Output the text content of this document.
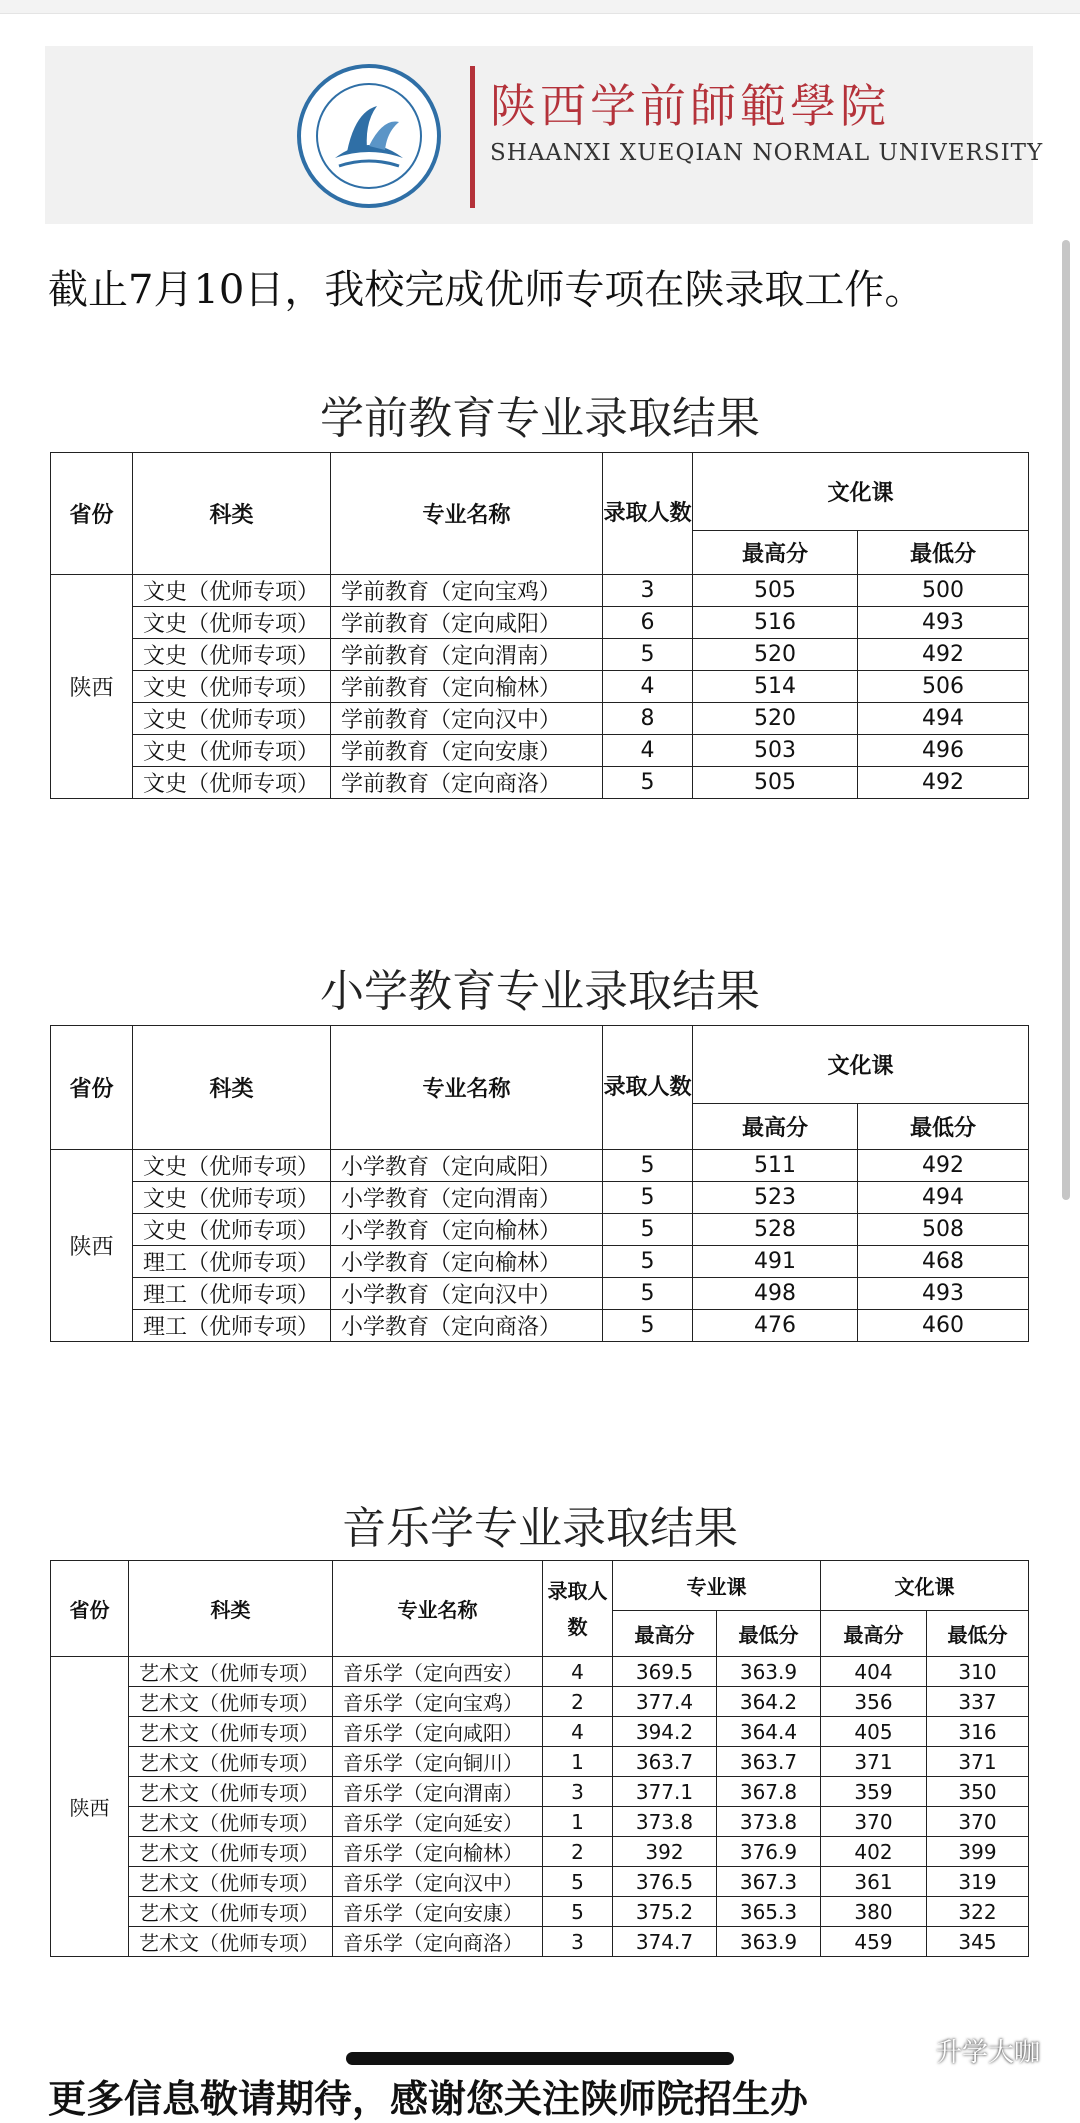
陕西学前師範學院
SHAANXI XUEQIAN NORMAL UNIVERSITY
截止7月10日，我校完成优师专项在陕录取工作。
学前教育专业录取结果
省份	科类	专业名称	录取人数	文化课	
				最高分	最低分
陕西	文史（优师专项）	学前教育（定向宝鸡）	3	505	500
	文史（优师专项）	学前教育（定向咸阳）	6	516	493
	文史（优师专项）	学前教育（定向渭南）	5	520	492
	文史（优师专项）	学前教育（定向榆林）	4	514	506
	文史（优师专项）	学前教育（定向汉中）	8	520	494
	文史（优师专项）	学前教育（定向安康）	4	503	496
	文史（优师专项）	学前教育（定向商洛）	5	505	492
小学教育专业录取结果
省份	科类	专业名称	录取人数	文化课	
				最高分	最低分
陕西	文史（优师专项）	小学教育（定向咸阳）	5	511	492
	文史（优师专项）	小学教育（定向渭南）	5	523	494
	文史（优师专项）	小学教育（定向榆林）	5	528	508
	理工（优师专项）	小学教育（定向榆林）	5	491	468
	理工（优师专项）	小学教育（定向汉中）	5	498	493
	理工（优师专项）	小学教育（定向商洛）	5	476	460
音乐学专业录取结果
省份	科类	专业名称	录取人数	专业课		文化课	
				最高分	最低分	最高分	最低分
陕西	艺术文（优师专项）	音乐学（定向西安）	4	369.5	363.9	404	310
	艺术文（优师专项）	音乐学（定向宝鸡）	2	377.4	364.2	356	337
	艺术文（优师专项）	音乐学（定向咸阳）	4	394.2	364.4	405	316
	艺术文（优师专项）	音乐学（定向铜川）	1	363.7	363.7	371	371
	艺术文（优师专项）	音乐学（定向渭南）	3	377.1	367.8	359	350
	艺术文（优师专项）	音乐学（定向延安）	1	373.8	373.8	370	370
	艺术文（优师专项）	音乐学（定向榆林）	2	392	376.9	402	399
	艺术文（优师专项）	音乐学（定向汉中）	5	376.5	367.3	361	319
	艺术文（优师专项）	音乐学（定向安康）	5	375.2	365.3	380	322
	艺术文（优师专项）	音乐学（定向商洛）	3	374.7	363.9	459	345
更多信息敬请期待，感谢您关注陕师院招生办
升学大咖
